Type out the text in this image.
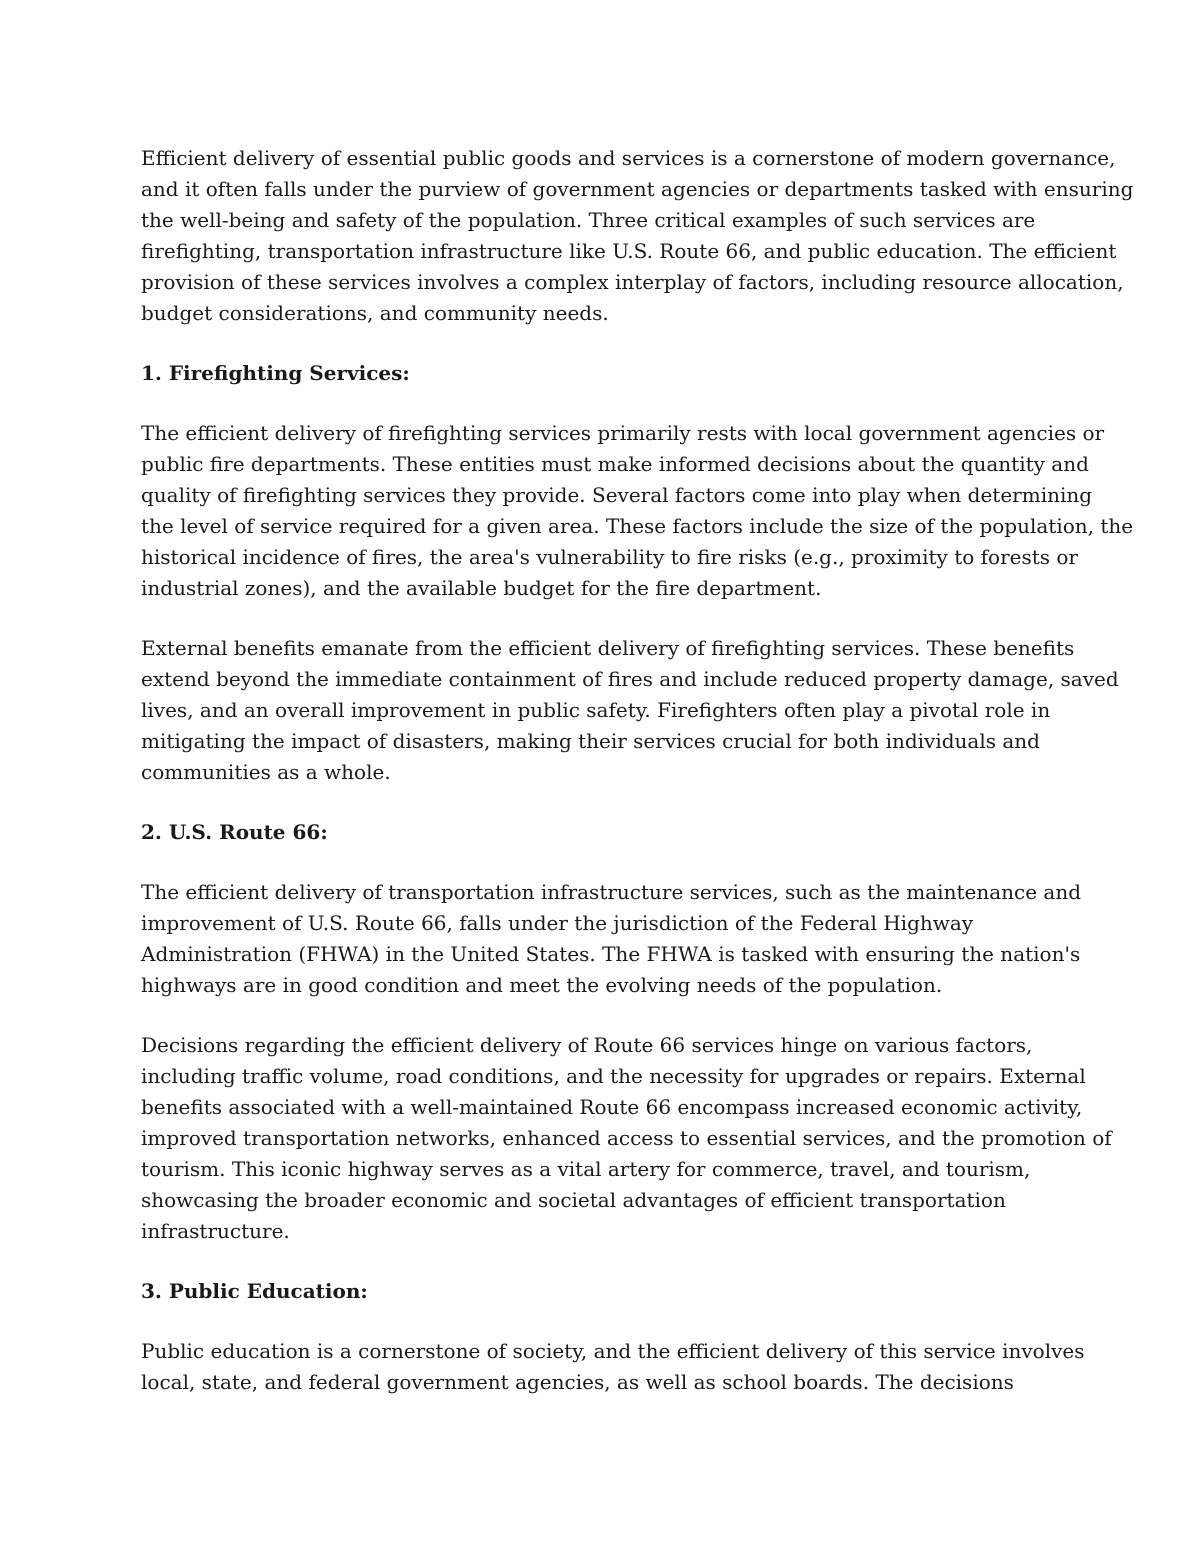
Efficient delivery of essential public goods and services is a cornerstone of modern governance,
and it often falls under the purview of government agencies or departments tasked with ensuring
the well-being and safety of the population. Three critical examples of such services are
firefighting, transportation infrastructure like U.S. Route 66, and public education. The efficient
provision of these services involves a complex interplay of factors, including resource allocation,
budget considerations, and community needs.

1. Firefighting Services:

The efficient delivery of firefighting services primarily rests with local government agencies or
public fire departments. These entities must make informed decisions about the quantity and
quality of firefighting services they provide. Several factors come into play when determining
the level of service required for a given area. These factors include the size of the population, the
historical incidence of fires, the area's vulnerability to fire risks (e.g., proximity to forests or
industrial zones), and the available budget for the fire department.

External benefits emanate from the efficient delivery of firefighting services. These benefits
extend beyond the immediate containment of fires and include reduced property damage, saved
lives, and an overall improvement in public safety. Firefighters often play a pivotal role in
mitigating the impact of disasters, making their services crucial for both individuals and
communities as a whole.

2. U.S. Route 66:

The efficient delivery of transportation infrastructure services, such as the maintenance and
improvement of U.S. Route 66, falls under the jurisdiction of the Federal Highway
Administration (FHWA) in the United States. The FHWA is tasked with ensuring the nation's
highways are in good condition and meet the evolving needs of the population.

Decisions regarding the efficient delivery of Route 66 services hinge on various factors,
including traffic volume, road conditions, and the necessity for upgrades or repairs. External
benefits associated with a well-maintained Route 66 encompass increased economic activity,
improved transportation networks, enhanced access to essential services, and the promotion of
tourism. This iconic highway serves as a vital artery for commerce, travel, and tourism,
showcasing the broader economic and societal advantages of efficient transportation
infrastructure.

3. Public Education:

Public education is a cornerstone of society, and the efficient delivery of this service involves
local, state, and federal government agencies, as well as school boards. The decisions
